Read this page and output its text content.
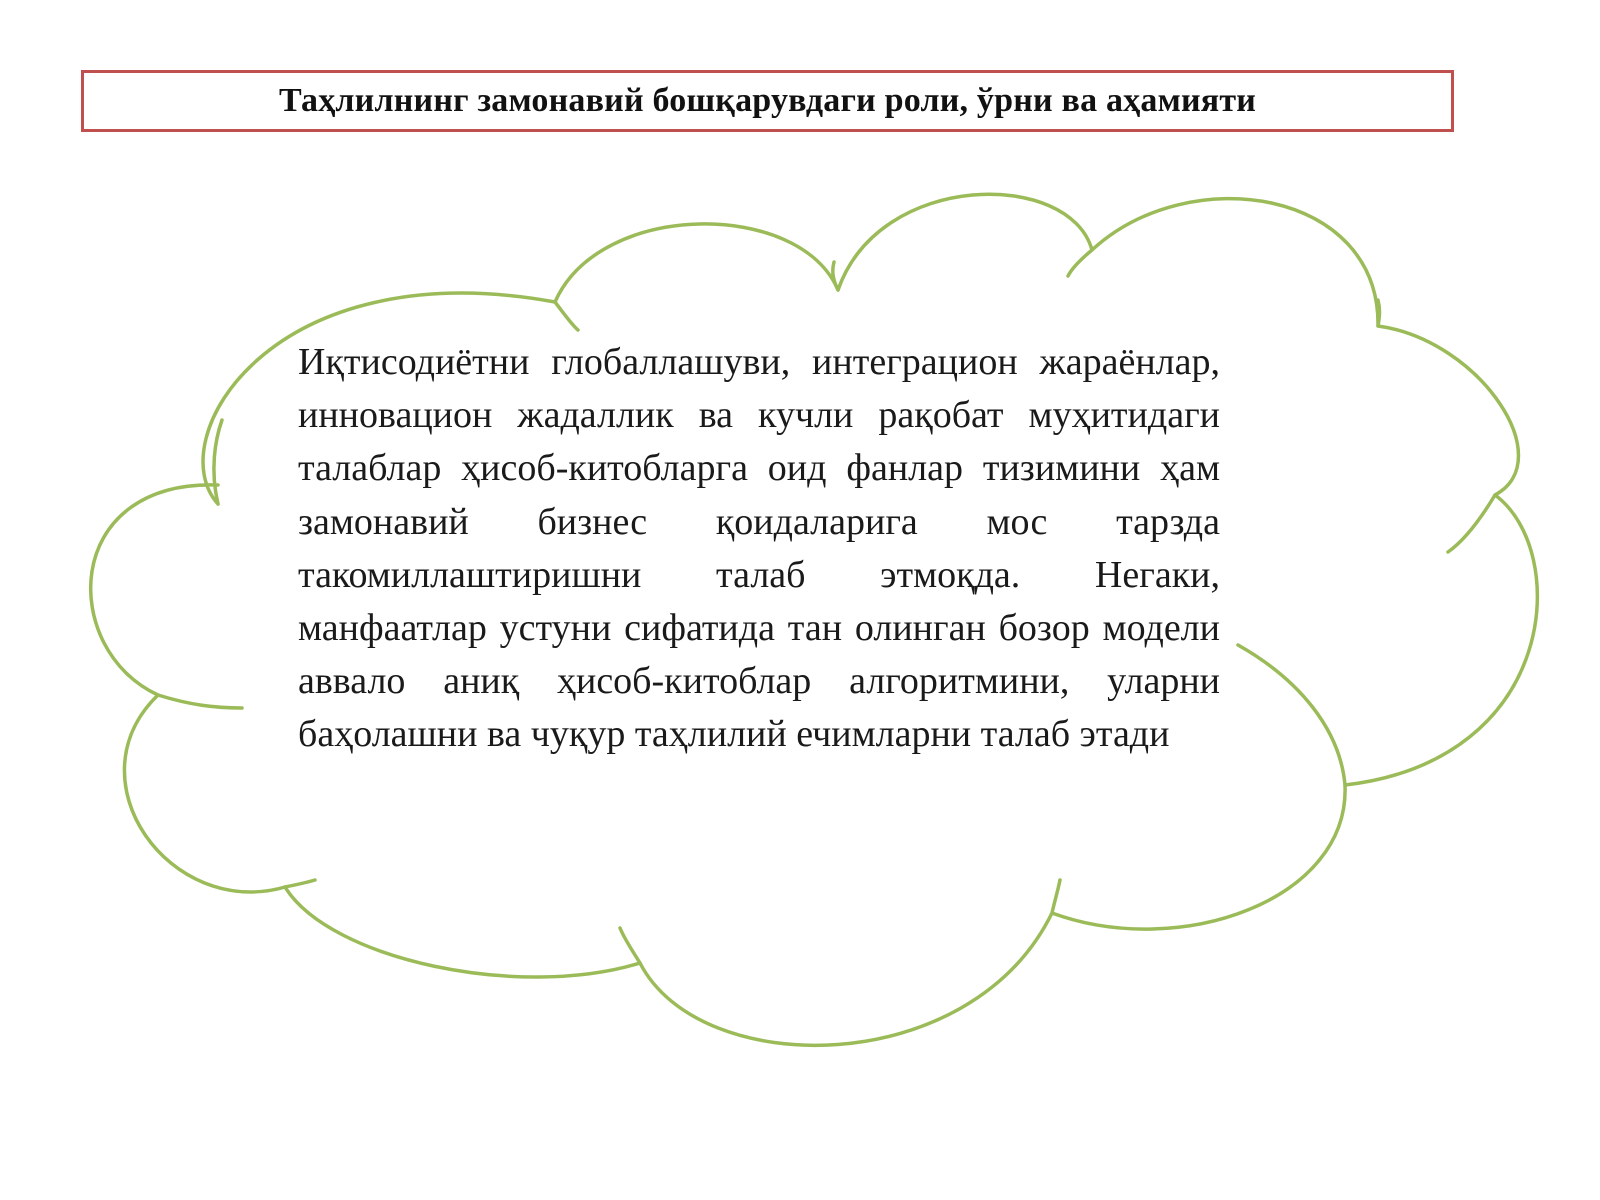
Таҳлилнинг замонавий бошқарувдаги роли, ўрни ва аҳамияти

Иқтисодиётни глобаллашуви, интеграцион жараёнлар, инновацион жадаллик ва кучли рақобат муҳитидаги талаблар ҳисоб-китобларга оид фанлар тизимини ҳам замонавий бизнес қоидаларига мос тарзда такомиллаштиришни талаб этмоқда. Негаки, манфаатлар устуни сифатида тан олинган бозор модели аввало аниқ ҳисоб-китоблар алгоритмини, уларни баҳолашни ва чуқур таҳлилий ечимларни талаб этади
